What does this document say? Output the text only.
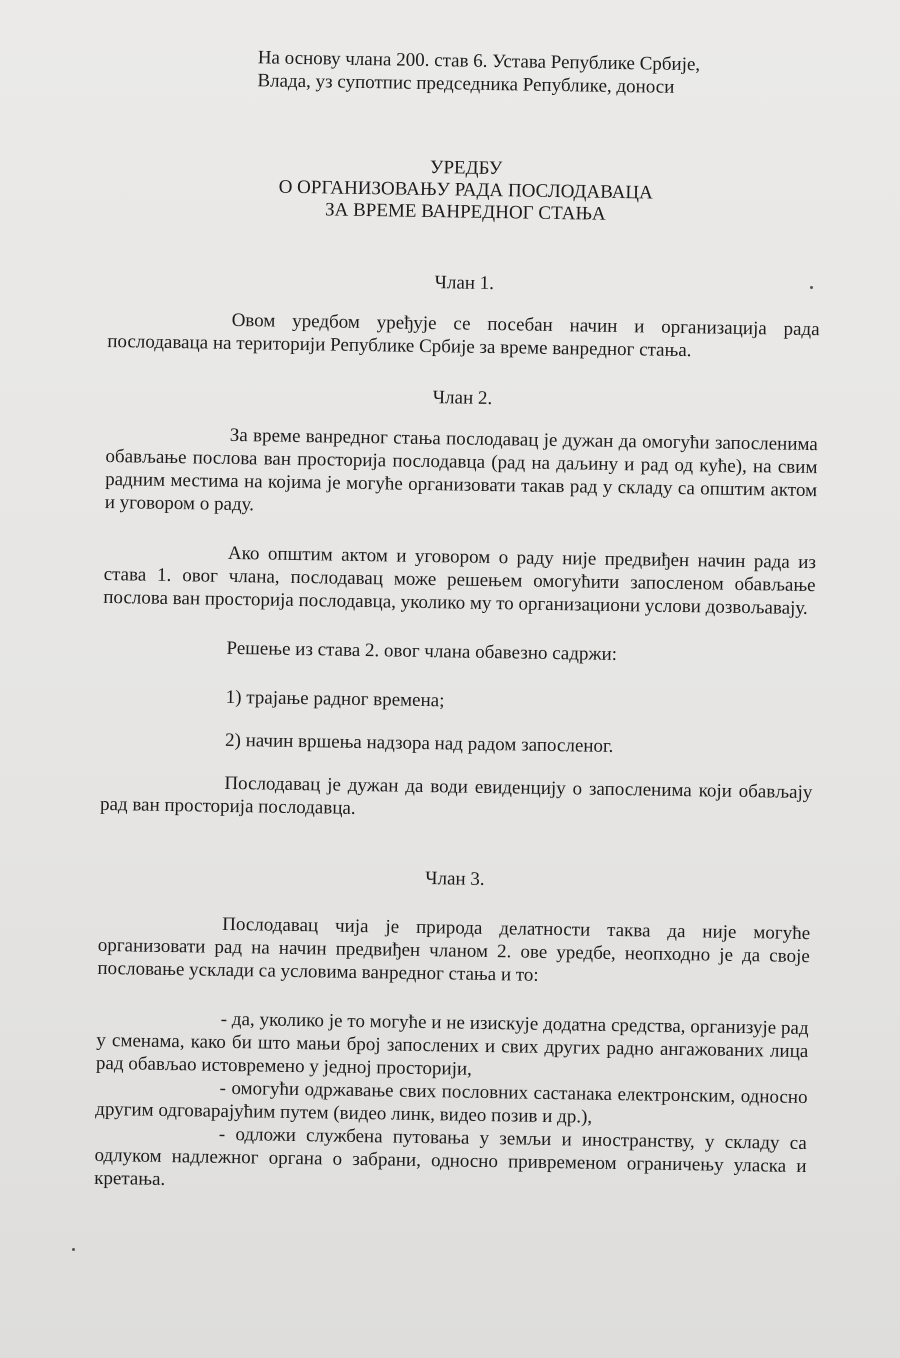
На основу члана 200. став 6. Устава Републике Србије,
Влада, уз супотпис председника Републике, доноси
УРЕДБУ
О ОРГАНИЗОВАЊУ РАДА ПОСЛОДАВАЦА
ЗА ВРЕМЕ ВАНРЕДНОГ СТАЊА
Члан 1.

Овом уредбом уређује се посебан начин и организација рада послодаваца на територији Републике Србије за време ванредног стања.

Члан 2.

За време ванредног стања послодавац је дужан да омогући запосленима обављање послова ван просторија послодавца (рад на даљину и рад од куће), на свим радним местима на којима је могуће организовати такав рад у складу са општим актом и уговором о раду.

Ако општим актом и уговором о раду није предвиђен начин рада из става 1. овог члана, послодавац може решењем омогућити запосленом обављање послова ван просторија послодавца, уколико му то организациони услови дозвољавају.

Решење из става 2. овог члана обавезно садржи:

1) трајање радног времена;
2) начин вршења надзора над радом запосленог.

Послодавац је дужан да води евиденцију о запосленима који обављају рад ван просторија послодавца.

Члан 3.

Послодавац чија је природа делатности таква да није могуће организовати рад на начин предвиђен чланом 2. ове уредбе, неопходно је да своје пословање усклади са условима ванредног стања и то:

- да, уколико је то могуће и не изискује додатна средства, организује рад у сменама, како би што мањи број запослених и свих других радно ангажованих лица рад обављао истовремено у једној просторији,

- омогући одржавање свих пословних састанака електронским, односно другим одговарајућим путем (видео линк, видео позив и др.),

- одложи службена путовања у земљи и иностранству, у складу са одлуком надлежног органа о забрани, односно привременом ограничењу уласка и кретања.
